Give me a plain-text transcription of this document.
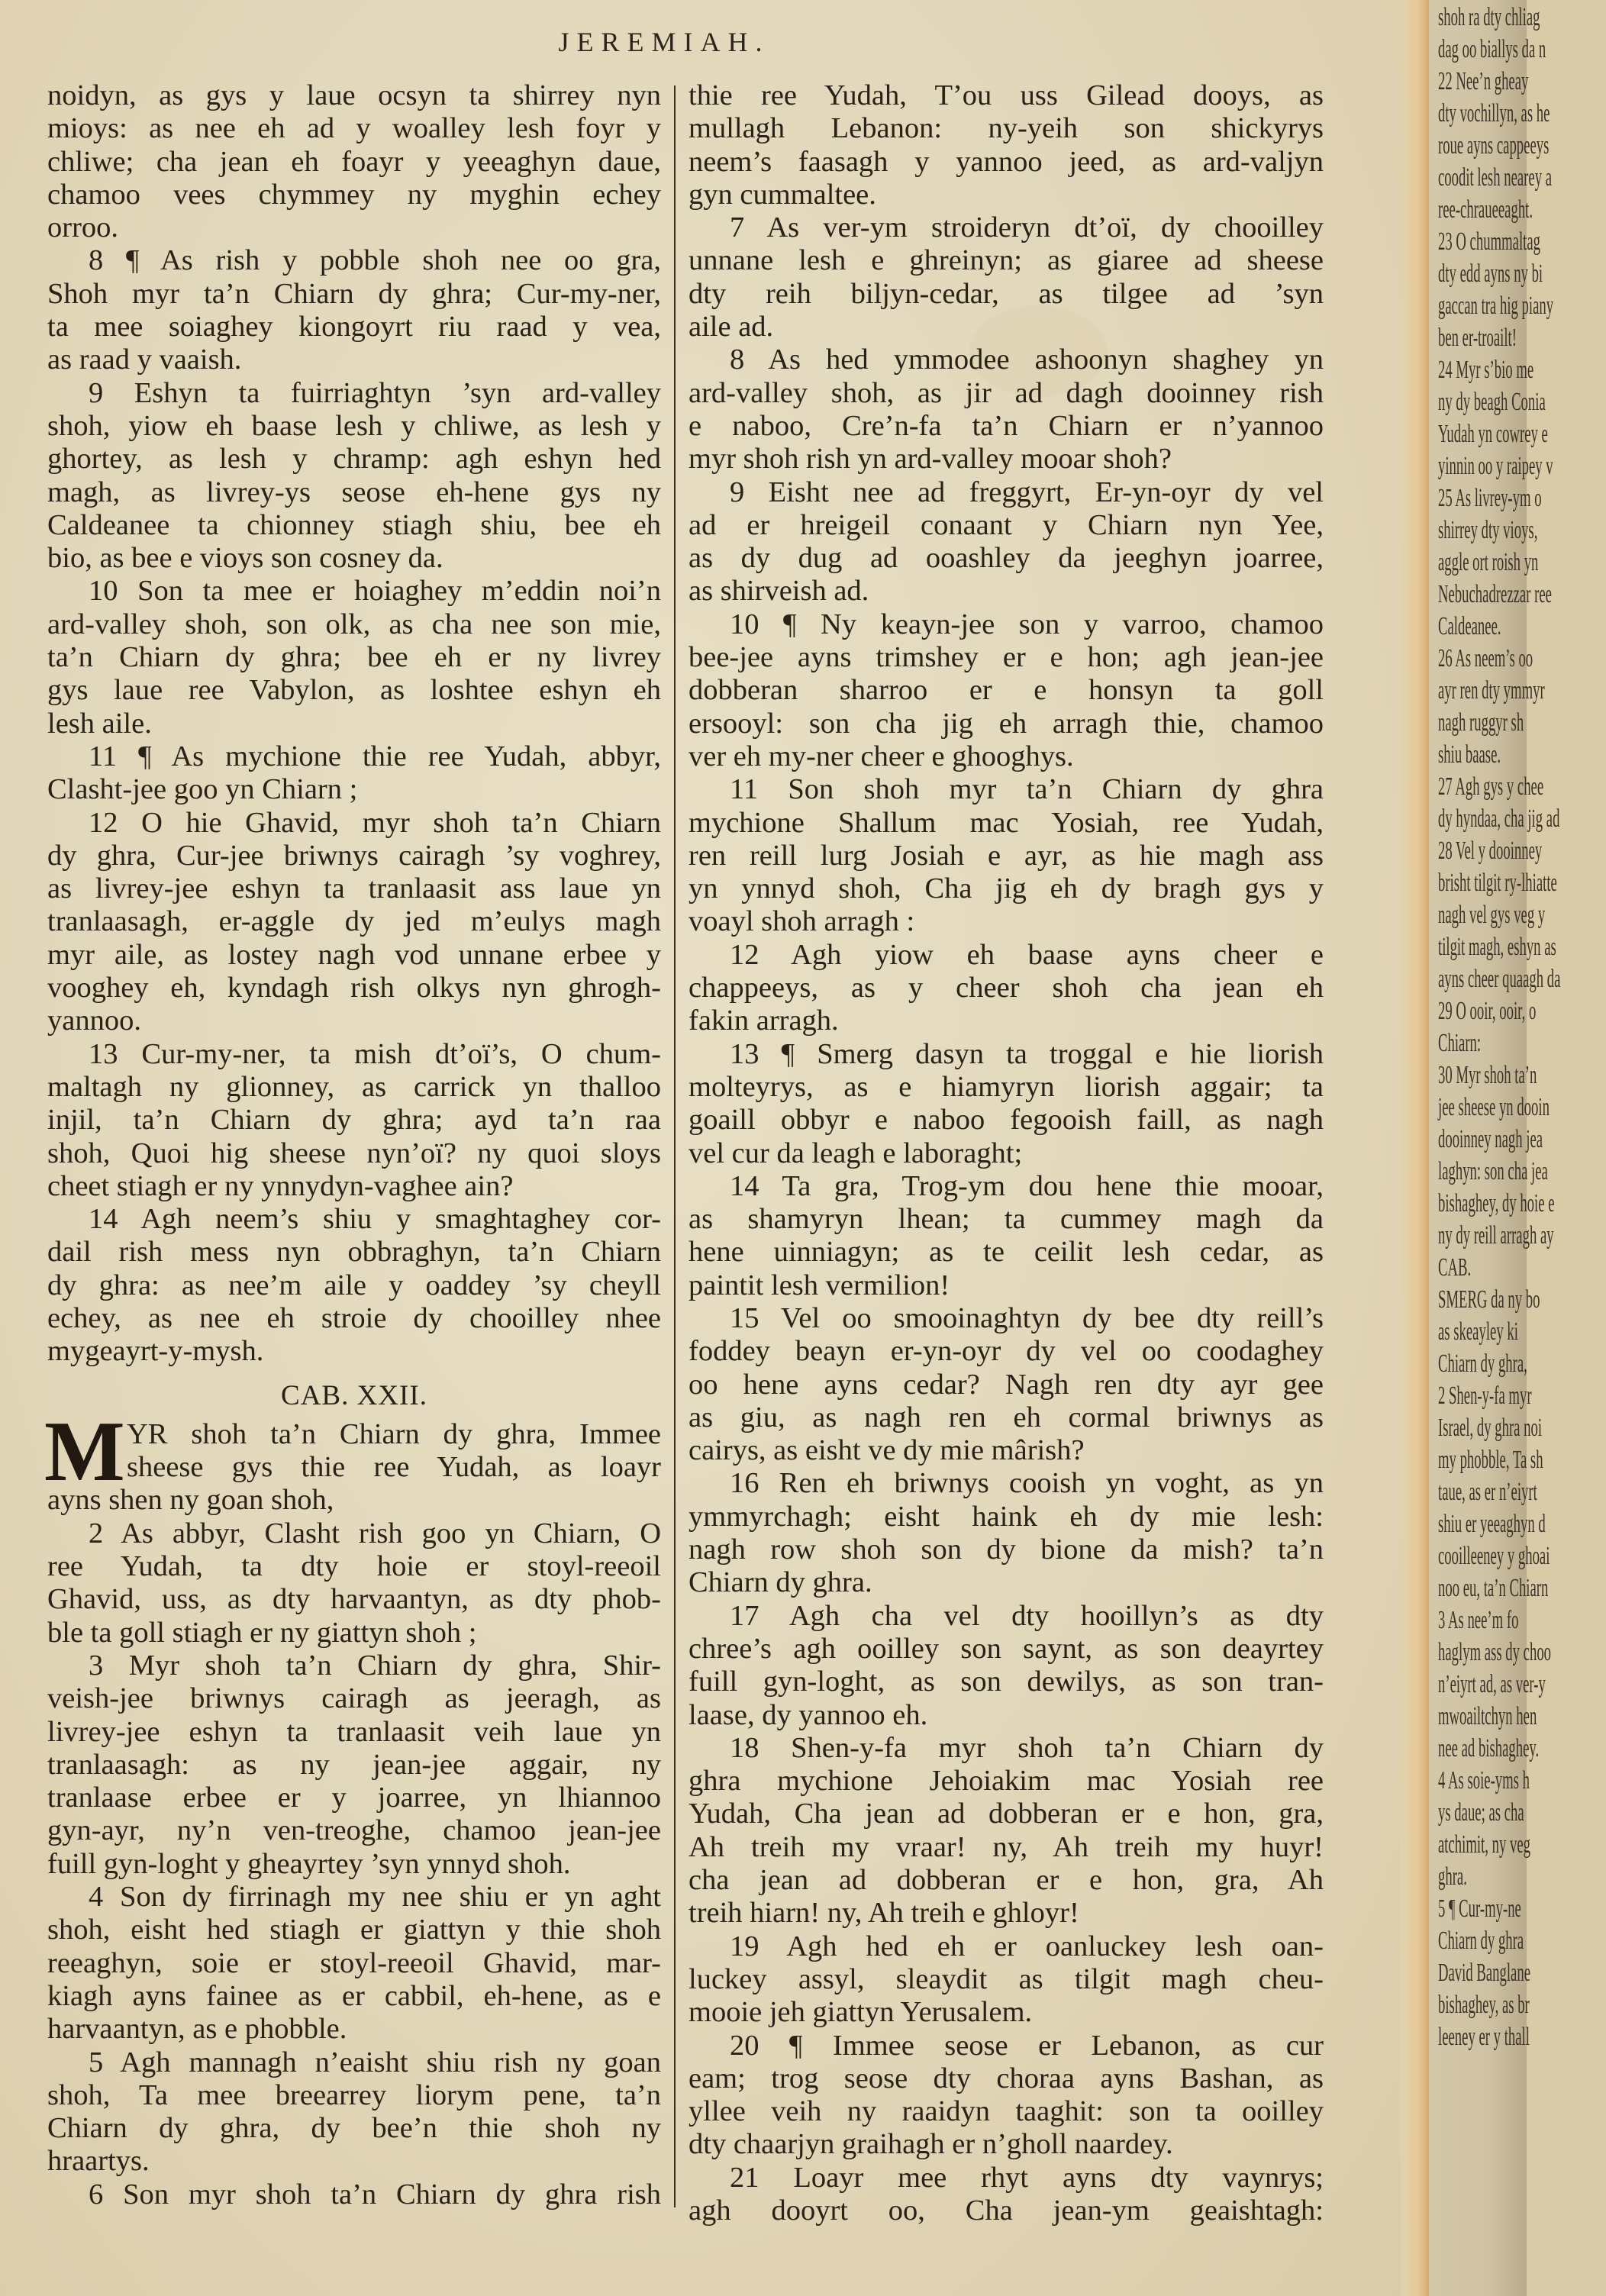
JEREMIAH.
noidyn, as gys y laue ocsyn ta shirrey nyn
mioys: as nee eh ad y woalley lesh foyr y
chliwe; cha jean eh foayr y yeeaghyn daue,
chamoo vees chymmey ny myghin echey
orroo.
8 ¶ As rish y pobble shoh nee oo gra,
Shoh myr ta’n Chiarn dy ghra; Cur-my-ner,
ta mee soiaghey kiongoyrt riu raad y vea,
as raad y vaaish.
9 Eshyn ta fuirriaghtyn ’syn ard-valley
shoh, yiow eh baase lesh y chliwe, as lesh y
ghortey, as lesh y chramp: agh eshyn hed
magh, as livrey-ys seose eh-hene gys ny
Caldeanee ta chionney stiagh shiu, bee eh
bio, as bee e vioys son cosney da.
10 Son ta mee er hoiaghey m’eddin noi’n
ard-valley shoh, son olk, as cha nee son mie,
ta’n Chiarn dy ghra; bee eh er ny livrey
gys laue ree Vabylon, as loshtee eshyn eh
lesh aile.
11 ¶ As mychione thie ree Yudah, abbyr,
Clasht-jee goo yn Chiarn ;
12 O hie Ghavid, myr shoh ta’n Chiarn
dy ghra, Cur-jee briwnys cairagh ’sy voghrey,
as livrey-jee eshyn ta tranlaasit ass laue yn
tranlaasagh, er-aggle dy jed m’eulys magh
myr aile, as lostey nagh vod unnane erbee y
vooghey eh, kyndagh rish olkys nyn ghrogh-
yannoo.
13 Cur-my-ner, ta mish dt’oï’s, O chum-
maltagh ny glionney, as carrick yn thalloo
injil, ta’n Chiarn dy ghra; ayd ta’n raa
shoh, Quoi hig sheese nyn’oï? ny quoi sloys
cheet stiagh er ny ynnydyn-vaghee ain?
14 Agh neem’s shiu y smaghtaghey cor-
dail rish mess nyn obbraghyn, ta’n Chiarn
dy ghra: as nee’m aile y oaddey ’sy cheyll
echey, as nee eh stroie dy chooilley nhee
mygeayrt-y-mysh.
CAB. XXII.
M YR shoh ta’n Chiarn dy ghra, Immee
sheese gys thie ree Yudah, as loayr
ayns shen ny goan shoh,
2 As abbyr, Clasht rish goo yn Chiarn, O
ree Yudah, ta dty hoie er stoyl-reeoil
Ghavid, uss, as dty harvaantyn, as dty phob-
ble ta goll stiagh er ny giattyn shoh ;
3 Myr shoh ta’n Chiarn dy ghra, Shir-
veish-jee briwnys cairagh as jeeragh, as
livrey-jee eshyn ta tranlaasit veih laue yn
tranlaasagh: as ny jean-jee aggair, ny
tranlaase erbee er y joarree, yn lhiannoo
gyn-ayr, ny’n ven-treoghe, chamoo jean-jee
fuill gyn-loght y gheayrtey ’syn ynnyd shoh.
4 Son dy firrinagh my nee shiu er yn aght
shoh, eisht hed stiagh er giattyn y thie shoh
reeaghyn, soie er stoyl-reeoil Ghavid, mar-
kiagh ayns fainee as er cabbil, eh-hene, as e
harvaantyn, as e phobble.
5 Agh mannagh n’eaisht shiu rish ny goan
shoh, Ta mee breearrey liorym pene, ta’n
Chiarn dy ghra, dy bee’n thie shoh ny
hraartys.
6 Son myr shoh ta’n Chiarn dy ghra rish
thie ree Yudah, T’ou uss Gilead dooys, as
mullagh Lebanon: ny-yeih son shickyrys
neem’s faasagh y yannoo jeed, as ard-valjyn
gyn cummaltee.
7 As ver-ym stroideryn dt’oï, dy chooilley
unnane lesh e ghreinyn; as giaree ad sheese
dty reih biljyn-cedar, as tilgee ad ’syn
aile ad.
8 As hed ymmodee ashoonyn shaghey yn
ard-valley shoh, as jir ad dagh dooinney rish
e naboo, Cre’n-fa ta’n Chiarn er n’yannoo
myr shoh rish yn ard-valley mooar shoh?
9 Eisht nee ad freggyrt, Er-yn-oyr dy vel
ad er hreigeil conaant y Chiarn nyn Yee,
as dy dug ad ooashley da jeeghyn joarree,
as shirveish ad.
10 ¶ Ny keayn-jee son y varroo, chamoo
bee-jee ayns trimshey er e hon; agh jean-jee
dobberan sharroo er e honsyn ta goll
ersooyl: son cha jig eh arragh thie, chamoo
ver eh my-ner cheer e ghooghys.
11 Son shoh myr ta’n Chiarn dy ghra
mychione Shallum mac Yosiah, ree Yudah,
ren reill lurg Josiah e ayr, as hie magh ass
yn ynnyd shoh, Cha jig eh dy bragh gys y
voayl shoh arragh :
12 Agh yiow eh baase ayns cheer e
chappeeys, as y cheer shoh cha jean eh
fakin arragh.
13 ¶ Smerg dasyn ta troggal e hie liorish
molteyrys, as e hiamyryn liorish aggair; ta
goaill obbyr e naboo fegooish faill, as nagh
vel cur da leagh e laboraght;
14 Ta gra, Trog-ym dou hene thie mooar,
as shamyryn lhean; ta cummey magh da
hene uinniagyn; as te ceilit lesh cedar, as
paintit lesh vermilion!
15 Vel oo smooinaghtyn dy bee dty reill’s
foddey beayn er-yn-oyr dy vel oo coodaghey
oo hene ayns cedar? Nagh ren dty ayr gee
as giu, as nagh ren eh cormal briwnys as
cairys, as eisht ve dy mie mârish?
16 Ren eh briwnys cooish yn voght, as yn
ymmyrchagh; eisht haink eh dy mie lesh:
nagh row shoh son dy bione da mish? ta’n
Chiarn dy ghra.
17 Agh cha vel dty hooillyn’s as dty
chree’s agh ooilley son saynt, as son deayrtey
fuill gyn-loght, as son dewilys, as son tran-
laase, dy yannoo eh.
18 Shen-y-fa myr shoh ta’n Chiarn dy
ghra mychione Jehoiakim mac Yosiah ree
Yudah, Cha jean ad dobberan er e hon, gra,
Ah treih my vraar! ny, Ah treih my huyr!
cha jean ad dobberan er e hon, gra, Ah
treih hiarn! ny, Ah treih e ghloyr!
19 Agh hed eh er oanluckey lesh oan-
luckey assyl, sleaydit as tilgit magh cheu-
mooie jeh giattyn Yerusalem.
20 ¶ Immee seose er Lebanon, as cur
eam; trog seose dty choraa ayns Bashan, as
yllee veih ny raaidyn taaghit: son ta ooilley
dty chaarjyn graihagh er n’gholl naardey.
21 Loayr mee rhyt ayns dty vaynrys;
agh dooyrt oo, Cha jean-ym geaishtagh:
shoh ra dty chliag
dag oo biallys da n
22 Nee’n gheay
dty vochillyn, as he
roue ayns cappeeys
coodit lesh nearey a
ree-chraueeaght.
23 O chummaltag
dty edd ayns ny bi
gaccan tra hig piany
ben er-troailt!
24 Myr s’bio me
ny dy beagh Conia
Yudah yn cowrey e
yinnin oo y raipey v
25 As livrey-ym o
shirrey dty vioys,
aggle ort roish yn
Nebuchadrezzar ree
Caldeanee.
26 As neem’s oo
ayr ren dty ymmyr
nagh ruggyr sh
shiu baase.
27 Agh gys y chee
dy hyndaa, cha jig ad
28 Vel y dooinney
brisht tilgit ry-lhiatte
nagh vel gys veg y
tilgit magh, eshyn as
ayns cheer quaagh da
29 O ooir, ooir, o
Chiarn:
30 Myr shoh ta’n
jee sheese yn dooin
dooinney nagh jea
laghyn: son cha jea
bishaghey, dy hoie e
ny dy reill arragh ay
CAB.
SMERG da ny bo
as skeayley ki
Chiarn dy ghra,
2 Shen-y-fa myr
Israel, dy ghra noi
my phobble, Ta sh
taue, as er n’eiyrt
shiu er yeeaghyn d
cooilleeney y ghoai
noo eu, ta’n Chiarn
3 As nee’m fo
haglym ass dy choo
n’eiyrt ad, as ver-y
mwoailtchyn hen
nee ad bishaghey.
4 As soie-yms h
ys daue; as cha
atchimit, ny veg
ghra.
5 ¶ Cur-my-ne
Chiarn dy ghra
David Banglane
bishaghey, as br
leeney er y thall
